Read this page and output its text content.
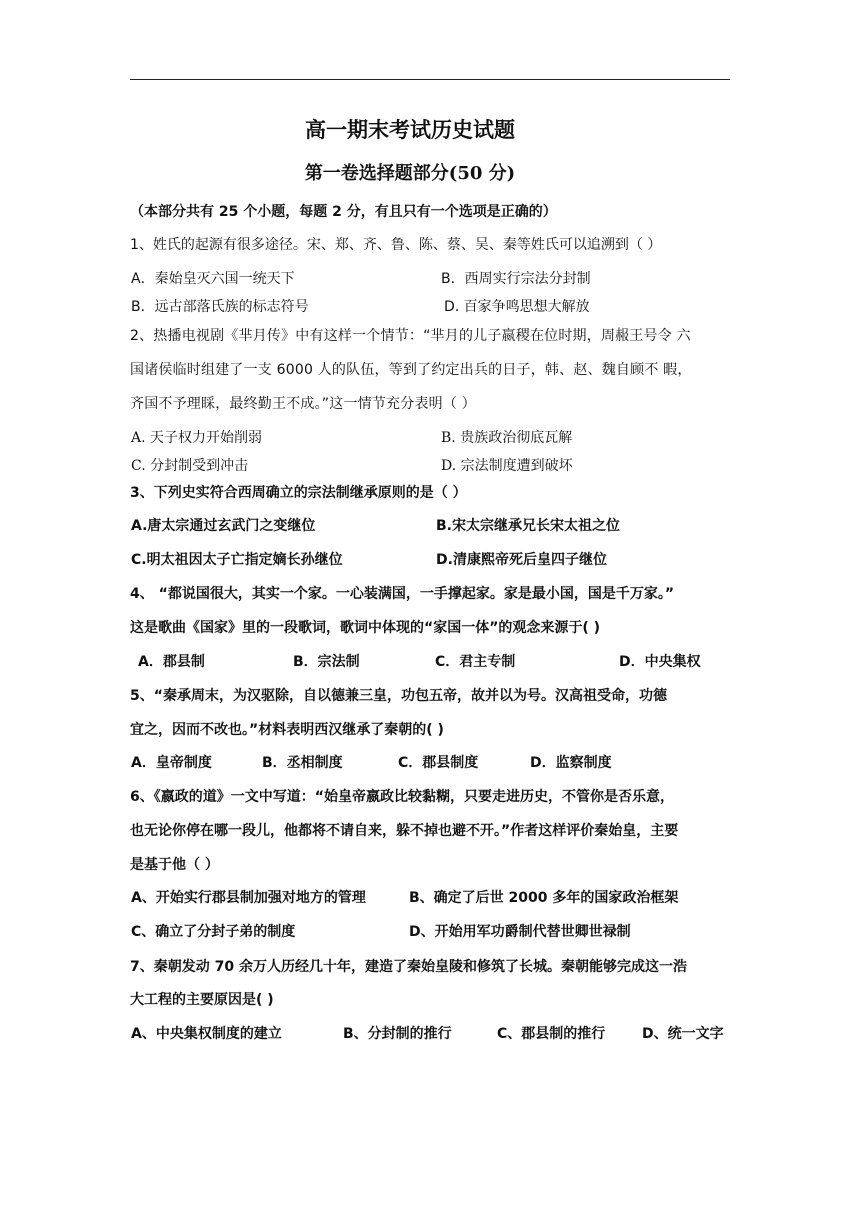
高一期末考试历史试题
第一卷选择题部分(50 分)
（本部分共有 25 个小题，每题 2 分，有且只有一个选项是正确的）
1、姓氏的起源有很多途径。宋、郑、齐、鲁、陈、蔡、吴、秦等姓氏可以追溯到（ ）
A．秦始皇灭六国一统天下	B．西周实行宗法分封制
B．远古部落氏族的标志符号	D. 百家争鸣思想大解放
2、热播电视剧《芈月传》中有这样一个情节：“芈月的儿子嬴稷在位时期，周赧王号令 六
国诸侯临时组建了一支 6000 人的队伍，等到了约定出兵的日子，韩、赵、魏自顾不 暇，
齐国不予理睬，最终勤王不成。”这一情节充分表明（ ）
A. 天子权力开始削弱	B. 贵族政治彻底瓦解
C. 分封制受到冲击	D. 宗法制度遭到破坏
3、下列史实符合西周确立的宗法制继承原则的是（ ）
A.唐太宗通过玄武门之变继位	B.宋太宗继承兄长宋太祖之位
C.明太祖因太子亡指定嫡长孙继位	D.清康熙帝死后皇四子继位
4、 “都说国很大，其实一个家。一心装满国，一手撑起家。家是最小国，国是千万家。”
这是歌曲《国家》里的一段歌词，歌词中体现的“家国一体”的观念来源于( )
A．郡县制	B．宗法制	C．君主专制	D．中央集权
5、“秦承周末，为汉驱除，自以德兼三皇，功包五帝，故并以为号。汉高祖受命，功德
宜之，因而不改也。”材料表明西汉继承了秦朝的( )
A．皇帝制度	B．丞相制度	C．郡县制度	D．监察制度
6、《嬴政的道》一文中写道：“始皇帝嬴政比较黏糊，只要走进历史，不管你是否乐意，
也无论你停在哪一段儿，他都将不请自来，躲不掉也避不开。”作者这样评价秦始皇，主要
是基于他（ ）
A、开始实行郡县制加强对地方的管理	B、确定了后世 2000 多年的国家政治框架
C、确立了分封子弟的制度	D、开始用军功爵制代替世卿世禄制
7、秦朝发动 70 余万人历经几十年，建造了秦始皇陵和修筑了长城。秦朝能够完成这一浩
大工程的主要原因是( )
A、中央集权制度的建立	B、分封制的推行	C、郡县制的推行	D、统一文字
